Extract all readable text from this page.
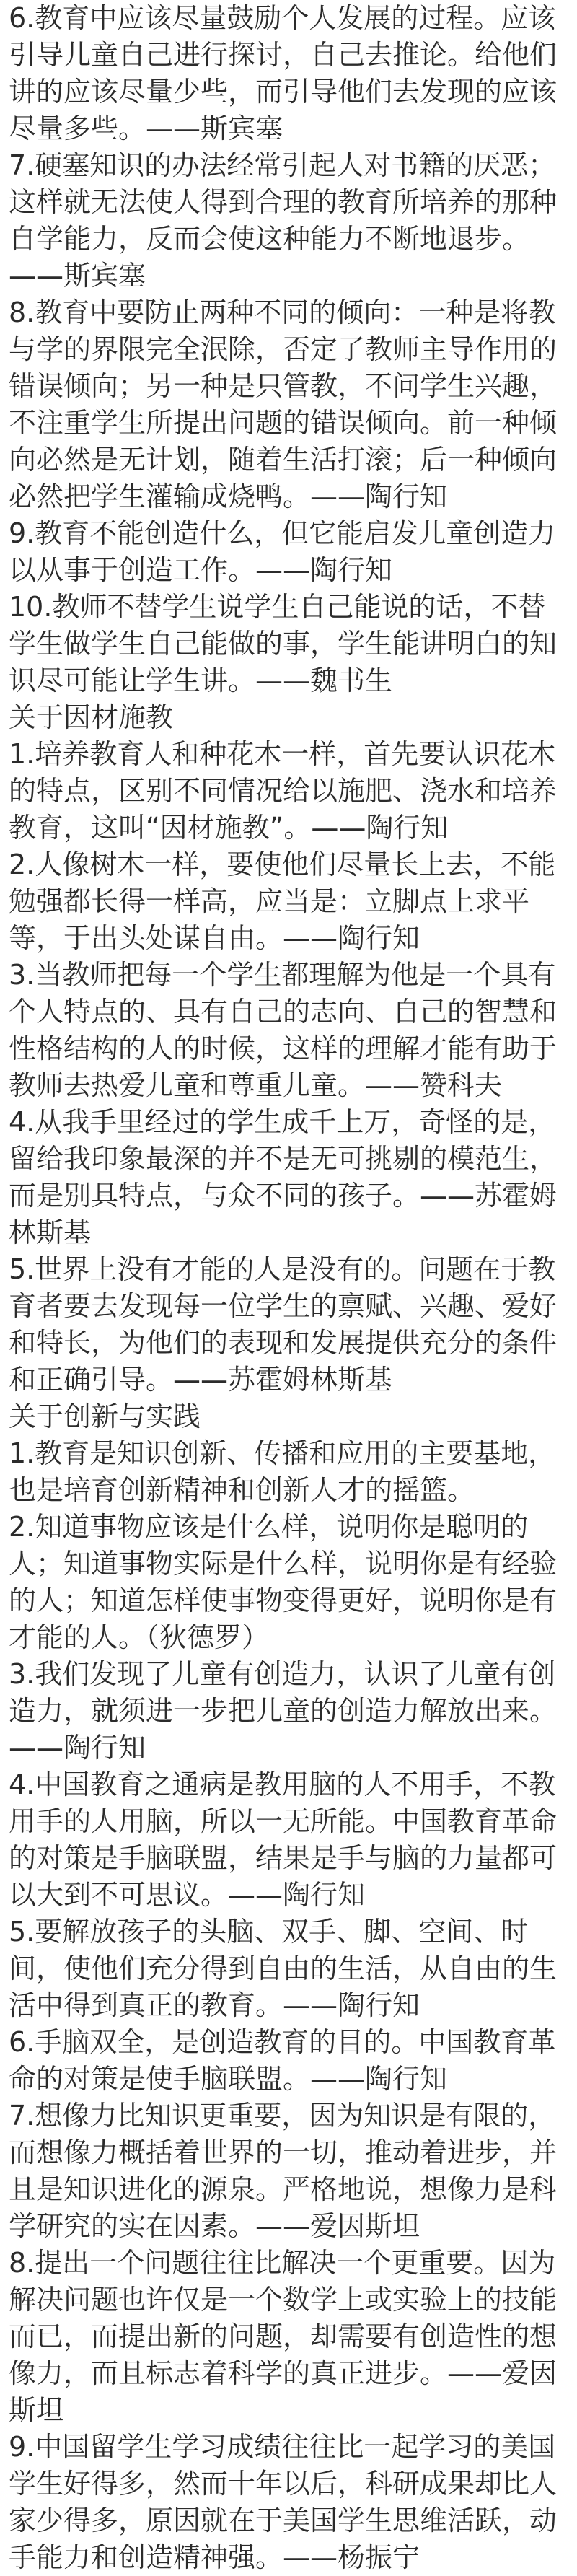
6.教育中应该尽量鼓励个人发展的过程。应该引导儿童自己进行探讨，自己去推论。给他们讲的应该尽量少些，而引导他们去发现的应该尽量多些。——斯宾塞

7.硬塞知识的办法经常引起人对书籍的厌恶；这样就无法使人得到合理的教育所培养的那种自学能力，反而会使这种能力不断地退步。——斯宾塞

8.教育中要防止两种不同的倾向：一种是将教与学的界限完全泯除，否定了教师主导作用的错误倾向；另一种是只管教，不问学生兴趣，不注重学生所提出问题的错误倾向。前一种倾向必然是无计划，随着生活打滚；后一种倾向必然把学生灌输成烧鸭。——陶行知

9.教育不能创造什么，但它能启发儿童创造力以从事于创造工作。——陶行知

10.教师不替学生说学生自己能说的话，不替学生做学生自己能做的事，学生能讲明白的知识尽可能让学生讲。——魏书生

关于因材施教

1.培养教育人和种花木一样，首先要认识花木的特点，区别不同情况给以施肥、浇水和培养教育，这叫“因材施教”。——陶行知

2.人像树木一样，要使他们尽量长上去，不能勉强都长得一样高，应当是：立脚点上求平等，于出头处谋自由。——陶行知

3.当教师把每一个学生都理解为他是一个具有个人特点的、具有自己的志向、自己的智慧和性格结构的人的时候，这样的理解才能有助于教师去热爱儿童和尊重儿童。——赞科夫

4.从我手里经过的学生成千上万，奇怪的是，留给我印象最深的并不是无可挑剔的模范生，而是别具特点，与众不同的孩子。——苏霍姆林斯基

5.世界上没有才能的人是没有的。问题在于教育者要去发现每一位学生的禀赋、兴趣、爱好和特长，为他们的表现和发展提供充分的条件和正确引导。——苏霍姆林斯基

关于创新与实践

1.教育是知识创新、传播和应用的主要基地，也是培育创新精神和创新人才的摇篮。

2.知道事物应该是什么样，说明你是聪明的人；知道事物实际是什么样，说明你是有经验的人；知道怎样使事物变得更好，说明你是有才能的人。（狄德罗）

3.我们发现了儿童有创造力，认识了儿童有创造力，就须进一步把儿童的创造力解放出来。——陶行知

4.中国教育之通病是教用脑的人不用手，不教用手的人用脑，所以一无所能。中国教育革命的对策是手脑联盟，结果是手与脑的力量都可以大到不可思议。——陶行知

5.要解放孩子的头脑、双手、脚、空间、时间，使他们充分得到自由的生活，从自由的生活中得到真正的教育。——陶行知

6.手脑双全，是创造教育的目的。中国教育革命的对策是使手脑联盟。——陶行知

7.想像力比知识更重要，因为知识是有限的，而想像力概括着世界的一切，推动着进步，并且是知识进化的源泉。严格地说，想像力是科学研究的实在因素。——爱因斯坦

8.提出一个问题往往比解决一个更重要。因为解决问题也许仅是一个数学上或实验上的技能而已，而提出新的问题，却需要有创造性的想像力，而且标志着科学的真正进步。——爱因斯坦

9.中国留学生学习成绩往往比一起学习的美国学生好得多，然而十年以后，科研成果却比人家少得多，原因就在于美国学生思维活跃，动手能力和创造精神强。——杨振宁
